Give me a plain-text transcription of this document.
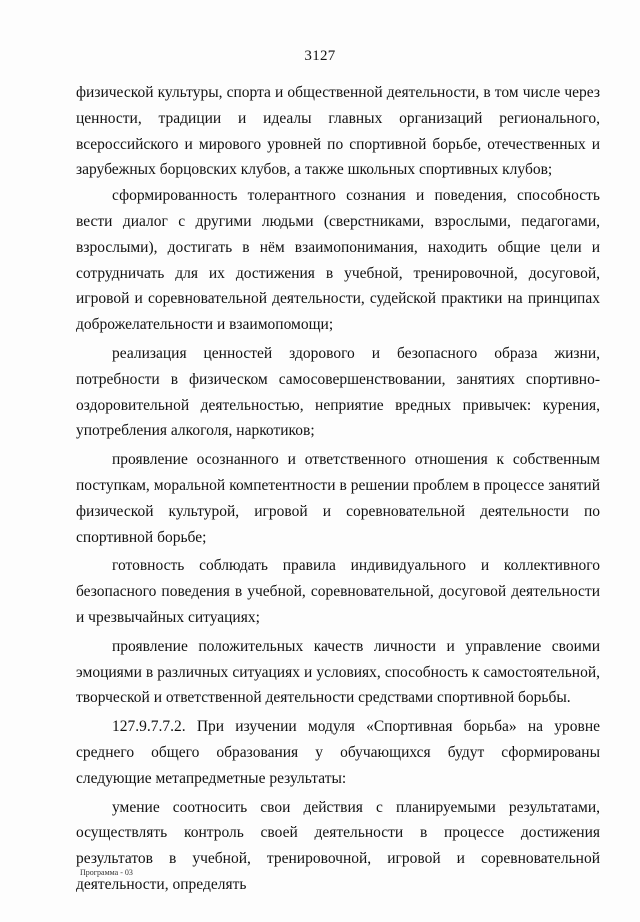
3127

физической культуры, спорта и общественной деятельности, в том числе через ценности, традиции и идеалы главных организаций регионального, всероссийского и мирового уровней по спортивной борьбе, отечественных и зарубежных борцовских клубов, а также школьных спортивных клубов;

сформированность толерантного сознания и поведения, способность вести диалог с другими людьми (сверстниками, взрослыми, педагогами, взрослыми), достигать в нём взаимопонимания, находить общие цели и сотрудничать для их достижения в учебной, тренировочной, досуговой, игровой и соревновательной деятельности, судейской практики на принципах доброжелательности и взаимопомощи;

реализация ценностей здорового и безопасного образа жизни, потребности в физическом самосовершенствовании, занятиях спортивно-оздоровительной деятельностью, неприятие вредных привычек: курения, употребления алкоголя, наркотиков;

проявление осознанного и ответственного отношения к собственным поступкам, моральной компетентности в решении проблем в процессе занятий физической культурой, игровой и соревновательной деятельности по спортивной борьбе;

готовность соблюдать правила индивидуального и коллективного безопасного поведения в учебной, соревновательной, досуговой деятельности и чрезвычайных ситуациях;

проявление положительных качеств личности и управление своими эмоциями в различных ситуациях и условиях, способность к самостоятельной, творческой и ответственной деятельности средствами спортивной борьбы.

127.9.7.7.2. При изучении модуля «Спортивная борьба» на уровне среднего общего образования у обучающихся будут сформированы следующие метапредметные результаты:

умение соотносить свои действия с планируемыми результатами, осуществлять контроль своей деятельности в процессе достижения результатов в учебной, тренировочной, игровой и соревновательной деятельности, определять

Программа - 03
